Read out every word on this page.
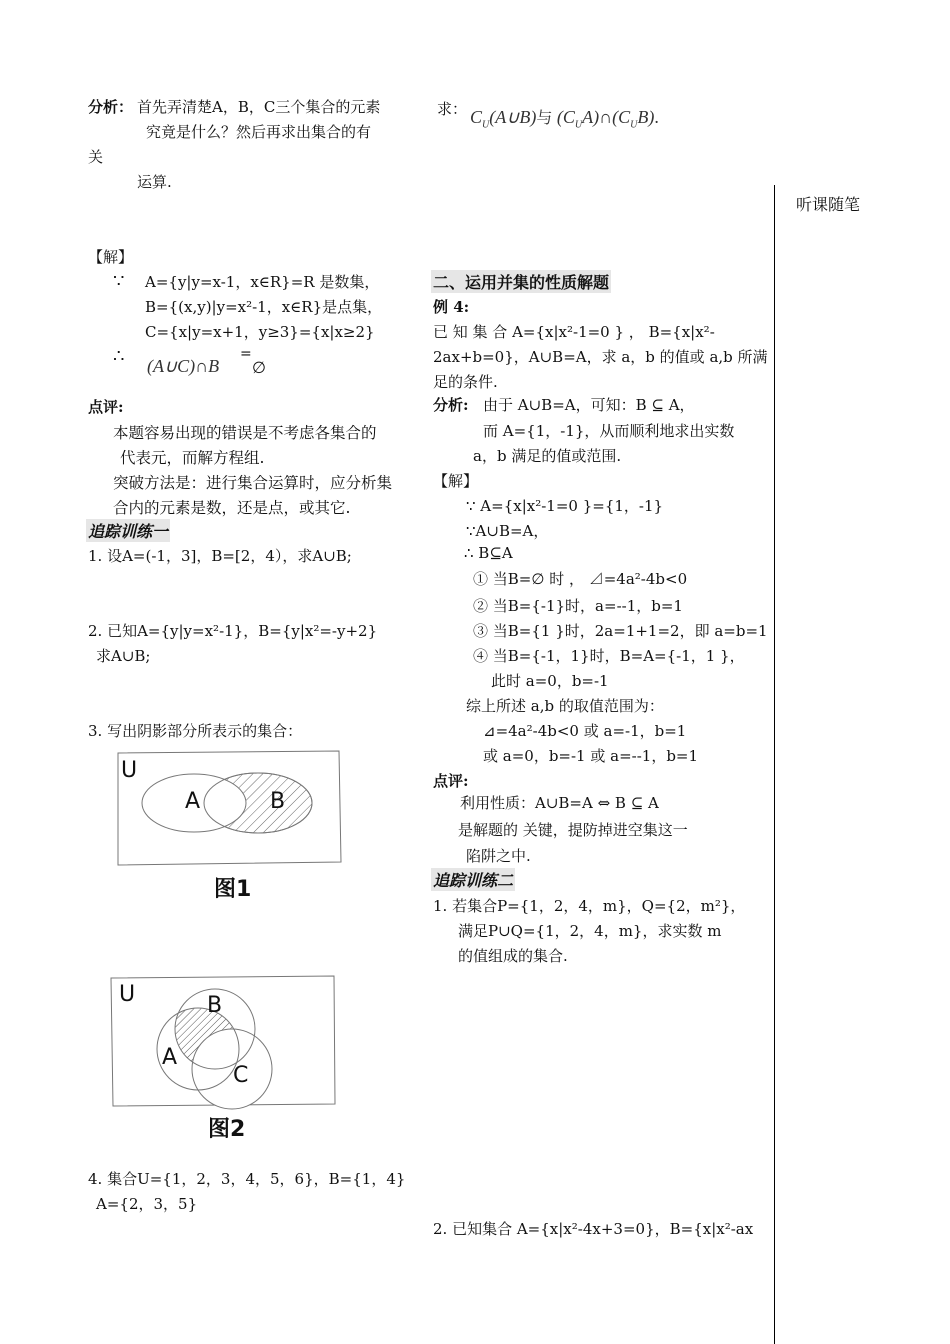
听课随笔
分析： 首先弄清楚A，B，C三个集合的元素
究竟是什么？然后再求出集合的有
关
运算.
【解】
∵ A={y|y=x-1，x∈R}=R 是数集，
B={(x,y)|y=x²-1，x∈R}是点集，
C={x|y=x+1，y≥3}={x|x≥2}
∴ (A∪C)∩B
=
∅
点评:
本题容易出现的错误是不考虑各集合的
代表元，而解方程组.
突破方法是：进行集合运算时，应分析集
合内的元素是数，还是点，或其它.
追踪训练一
1. 设A=(-1，3]，B=[2，4），求A∪B;
2. 已知A={y|y=x²-1}，B={y|x²=-y+2}
求A∪B;
3. 写出阴影部分所表示的集合：
U
A	B
图1
U	B
A
C
图2
4. 集合U={1，2，3，4，5，6}，B={1，4}
A={2，3，5}
求： $C_U(A\cup B)$与 $(C_UA)\cap(C_UB)$.
二、运用并集的性质解题
例 4:
已 知 集 合 A={x|x²-1=0 } ， B={x|x²-
2ax+b=0}，A∪B=A，求 a，b 的值或 a,b 所满
足的条件.
分析: 由于 A∪B=A，可知：B ⊆ A，
而 A={1，-1}，从而顺利地求出实数
a，b 满足的值或范围.
【解】
∵ A={x|x²-1=0 }={1，-1}
∵A∪B=A，
∴ B⊆A
① 当B=∅ 时 ， ⊿=4a²-4b<0
② 当B={-1}时，a=--1，b=1
③ 当B={1 }时，2a=1+1=2，即 a=b=1
④ 当B={-1，1}时，B=A={-1，1 }，
此时 a=0，b=-1
综上所述 a,b 的取值范围为：
⊿=4a²-4b<0 或 a=-1，b=1
或 a=0，b=-1 或 a=--1，b=1
点评:
利用性质：A∪B=A ⇔ B ⊆ A
是解题的 关键，提防掉进空集这一
陷阱之中.
追踪训练二
1. 若集合P={1，2，4，m}，Q={2，m²}，
满足P∪Q={1，2，4，m}，求实数 m
的值组成的集合.
2. 已知集合 A={x|x²-4x+3=0}，B={x|x²-ax
